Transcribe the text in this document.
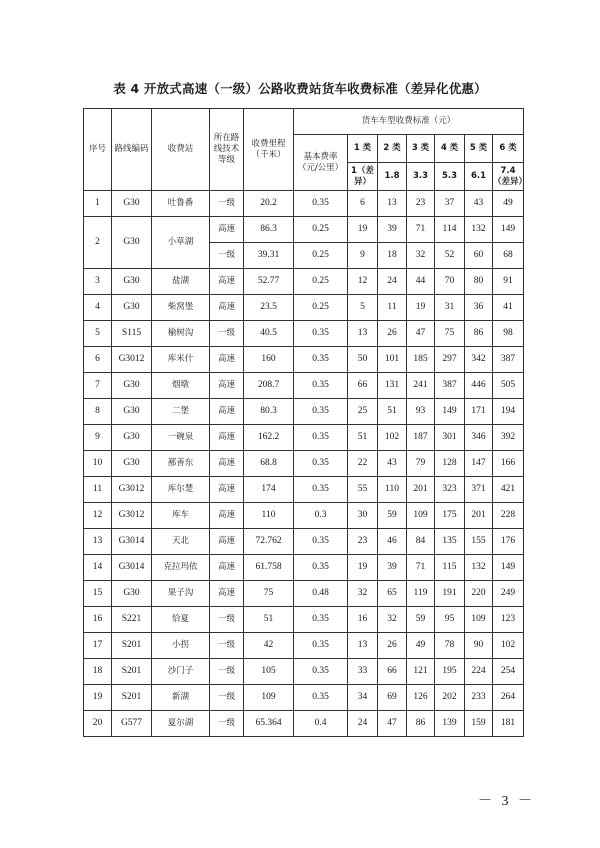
表 4 开放式高速（一级）公路收费站货车收费标准（差异化优惠）
序号	路线编码	收费站	所在路线技术等级	收费里程（千米）	货车车型收费标准（元）						
					基本费率（元/公里）	1 类	2 类	3 类	4 类	5 类	6 类
						1（差异）	1.8	3.3	5.3	6.1	7.4（差异）
1	G30	吐鲁番	一级	20.2	0.35	6	13	23	37	43	49
2	G30	小草湖	高速	86.3	0.25	19	39	71	114	132	149
			一级	39.31	0.25	9	18	32	52	60	68
3	G30	盐湖	高速	52.77	0.25	12	24	44	70	80	91
4	G30	柴窝堡	高速	23.5	0.25	5	11	19	31	36	41
5	S115	榆树沟	一级	40.5	0.35	13	26	47	75	86	98
6	G3012	库米什	高速	160	0.35	50	101	185	297	342	387
7	G30	烟墩	高速	208.7	0.35	66	131	241	387	446	505
8	G30	二堡	高速	80.3	0.35	25	51	93	149	171	194
9	G30	一碗泉	高速	162.2	0.35	51	102	187	301	346	392
10	G30	鄯善东	高速	68.8	0.35	22	43	79	128	147	166
11	G3012	库尔楚	高速	174	0.35	55	110	201	323	371	421
12	G3012	库车	高速	110	0.3	30	59	109	175	201	228
13	G3014	天北	高速	72.762	0.35	23	46	84	135	155	176
14	G3014	克拉玛依	高速	61.758	0.35	19	39	71	115	132	149
15	G30	果子沟	高速	75	0.48	32	65	119	191	220	249
16	S221	恰夏	一级	51	0.35	16	32	59	95	109	123
17	S201	小拐	一级	42	0.35	13	26	49	78	90	102
18	S201	沙门子	一级	105	0.35	33	66	121	195	224	254
19	S201	新湖	一级	109	0.35	34	69	126	202	233	264
20	G577	夏尔湖	一级	65.364	0.4	24	47	86	139	159	181
－ 3 －
